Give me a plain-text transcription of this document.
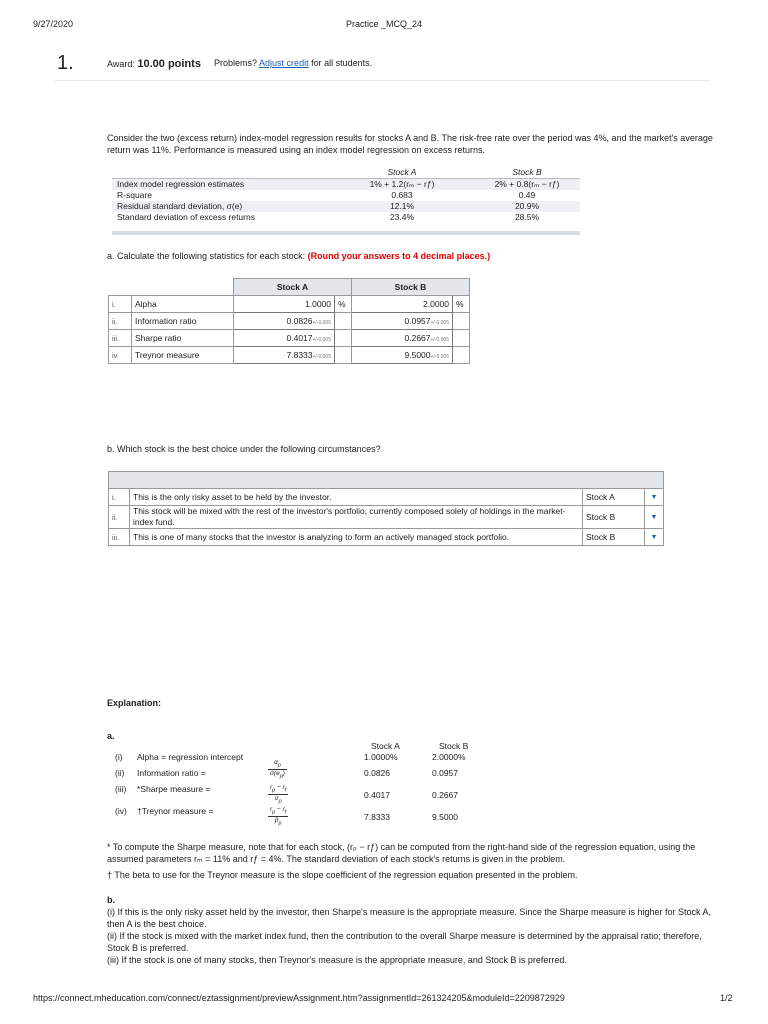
9/27/2020	Practice _MCQ_24
1.	Award: 10.00 points Problems? Adjust credit for all students.
Consider the two (excess return) index-model regression results for stocks A and B. The risk-free rate over the period was 4%, and the market's average return was 11%. Performance is measured using an index model regression on excess returns.
Stock A	Stock B
Index model regression estimates	1% + 1.2(rₘ − rƒ)	2% + 0.8(rₘ − rƒ)
R-square	0.683	0.49
Residual standard deviation, σ(e)	12.1%	20.9%
Standard deviation of excess returns	23.4%	28.5%
a. Calculate the following statistics for each stock: (Round your answers to 4 decimal places.)
		Stock A		Stock B	
i.	Alpha	1.0000	%	2.0000	%
ii.	Information ratio	0.0826+/-0.005		0.0957+/-0.005	
iii.	Sharpe ratio	0.4017+/-0.005		0.2667+/-0.005	
iv.	Treynor measure	7.8333+/-0.005		9.5000+/-0.005	
b. Which stock is the best choice under the following circumstances?

i.	This is the only risky asset to be held by the investor.	Stock A	▼
ii.	This stock will be mixed with the rest of the investor's portfolio, currently composed solely of holdings in the market-index fund.	Stock B	▼
iii.	This is one of many stocks that the investor is analyzing to form an actively managed stock portfolio.	Stock B	▼
Explanation:
a.
Stock A	Stock B
(i) Alpha = regression intercept	1.0000%	2.0000%
(ii) Information ratio =	$\frac{\alpha_p}{\sigma(e_p)}$	0.0826	0.0957
(iii) *Sharpe measure =	$\frac{r_p - r_f}{\sigma_p}$	0.4017	0.2667
(iv) †Treynor measure =	$\frac{r_p - r_f}{\beta_p}$	7.8333	9.5000
* To compute the Sharpe measure, note that for each stock, (rₚ − rƒ) can be computed from the right-hand side of the regression equation, using the assumed parameters rₘ = 11% and rƒ = 4%. The standard deviation of each stock's returns is given in the problem.
† The beta to use for the Treynor measure is the slope coefficient of the regression equation presented in the problem.
b.
(i) If this is the only risky asset held by the investor, then Sharpe's measure is the appropriate measure. Since the Sharpe measure is higher for Stock A, then A is the best choice.
(ii) If the stock is mixed with the market index fund, then the contribution to the overall Sharpe measure is determined by the appraisal ratio; therefore, Stock B is preferred.
(iii) If the stock is one of many stocks, then Treynor's measure is the appropriate measure, and Stock B is preferred.
https://connect.mheducation.com/connect/eztassignment/previewAssignment.htm?assignmentId=261324205&moduleId=2209872929	1/2
